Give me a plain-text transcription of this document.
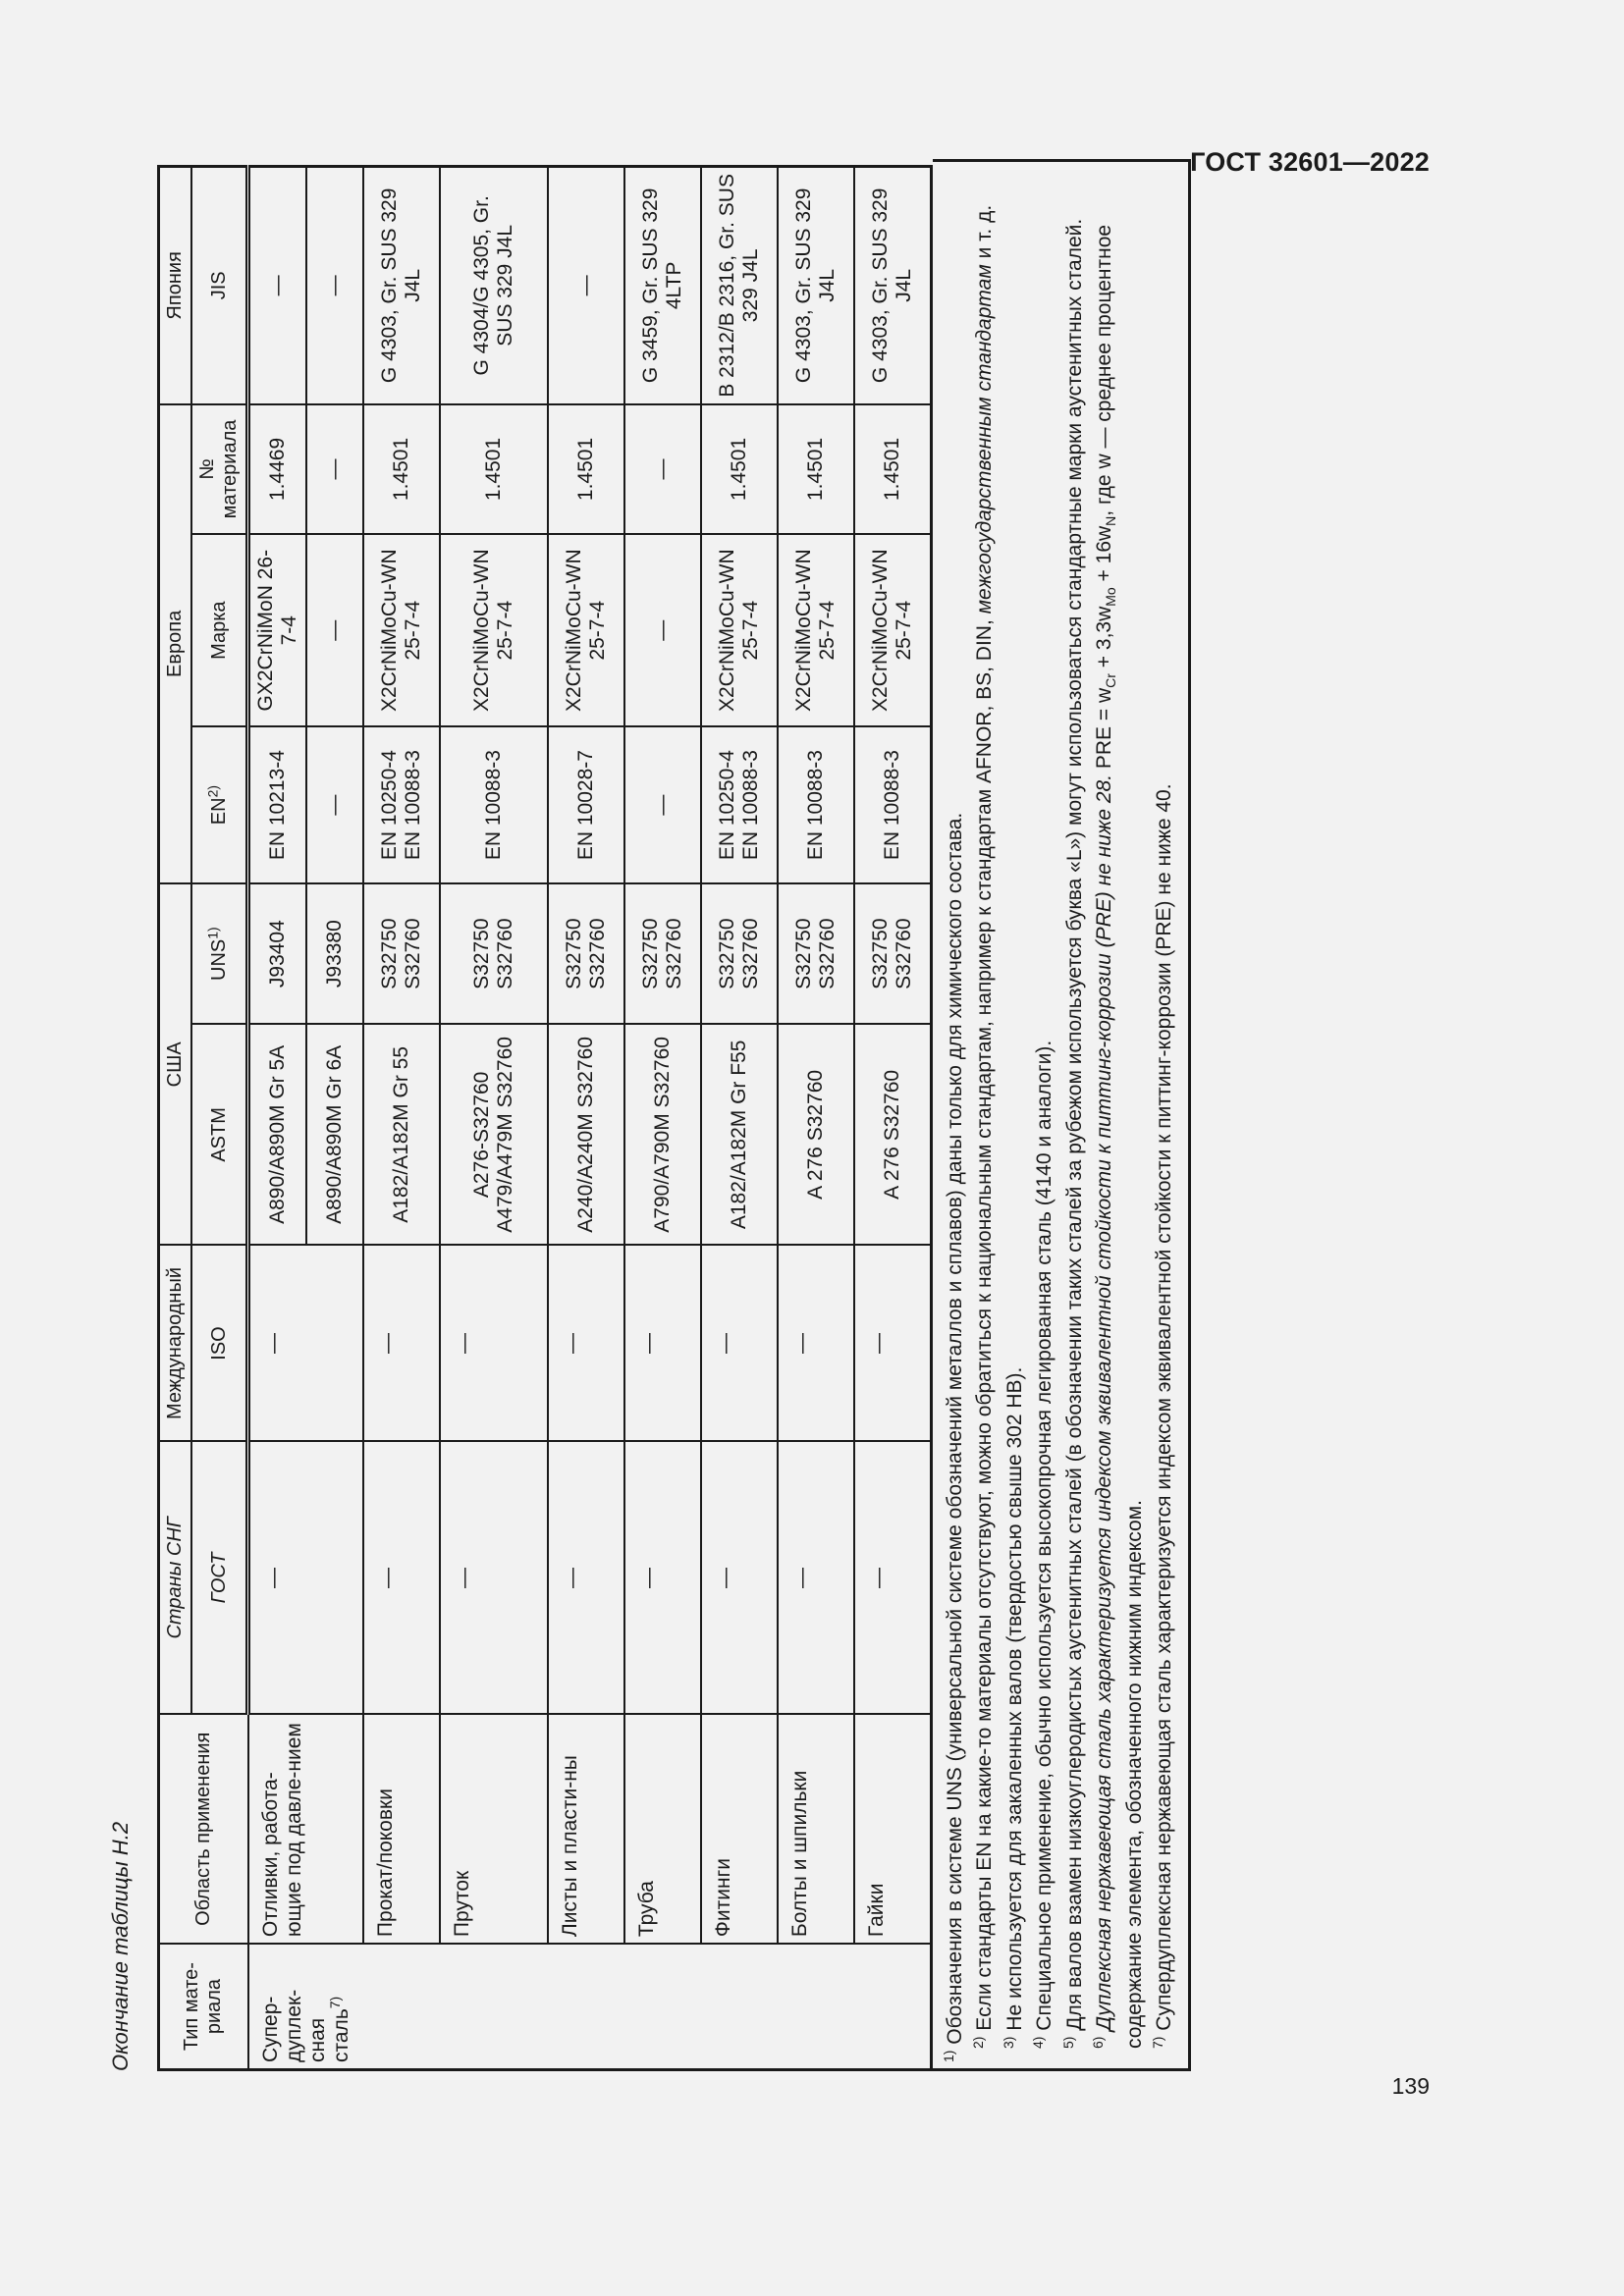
ГОСТ 32601—2022
Окончание таблицы Н.2	Тип мате-риала	Область применения	Страны СНГ	Международный	США		Европа			Япония
		ГОСТ	ISO	ASTM	UNS$^{1)}$	EN$^{2)}$	Марка	№ материала	JIS
Супер-дуплек-сная сталь$^{7)}$	Отливки, работа-ющие под давле-нием	—	—	A890/A890M Gr 5A	J93404	EN 10213-4	GX2CrNiMoN 26-7-4	1.4469	—
				A890/A890M Gr 6A	J93380	—	—	—	—
	Прокат/поковки	—	—	A182/A182M Gr 55	S32750 S32760	EN 10250-4 EN 10088-3	X2CrNiMoCu-WN 25-7-4	1.4501	G 4303, Gr. SUS 329 J4L
	Пруток	—	—	A276-S32760 A479/A479M S32760	S32750 S32760	EN 10088-3	X2CrNiMoCu-WN 25-7-4	1.4501	G 4304/G 4305, Gr. SUS 329 J4L
	Листы и пласти-ны	—	—	A240/A240M S32760	S32750 S32760	EN 10028-7	X2CrNiMoCu-WN 25-7-4	1.4501	—
	Труба	—	—	A790/A790M S32760	S32750 S32760	—	—	—	G 3459, Gr. SUS 329 4LTP
	Фитинги	—	—	A182/A182M Gr F55	S32750 S32760	EN 10250-4 EN 10088-3	X2CrNiMoCu-WN 25-7-4	1.4501	B 2312/B 2316, Gr. SUS 329 J4L
	Болты и шпильки	—	—	A 276 S32760	S32750 S32760	EN 10088-3	X2CrNiMoCu-WN 25-7-4	1.4501	G 4303, Gr. SUS 329 J4L
	Гайки	—	—	A 276 S32760	S32750 S32760	EN 10088-3	X2CrNiMoCu-WN 25-7-4	1.4501	G 4303, Gr. SUS 329 J4L

$^{1)}$ Обозначения в системе UNS (универсальной системе обозначений металлов и сплавов) даны только для химического состава. $^{2)}$ Если стандарты EN на какие-то материалы отсутствуют, можно обратиться к национальным стандартам, например к стандартам AFNOR, BS, DIN, межгосударственным стандартам и т. д.

$^{3)}$ Не используется для закаленных валов (твердостью свыше 302 НВ).

$^{4)}$ Специальное применение, обычно используется высокопрочная легированная сталь (4140 и аналоги).

$^{5)}$ Для валов взамен низкоуглеродистых аустенитных сталей (в обозначении таких сталей за рубежом используется буква «L») могут использоваться стандартные марки аустенитных сталей.

$^{6)}$ Дуплексная нержавеющая сталь характеризуется индексом эквивалентной стойкости к питтинг-коррозии (PRE) не ниже 28. PRE = $w_{Cr} + 3,3w_{Mo} + 16w_N$, где w — среднее процентное содержание элемента, обозначенного нижним индексом. $^{7)}$ Супердуплексная нержавеющая сталь характеризуется индексом эквивалентной стойкости к питтинг-коррозии (PRE) не ниже 40.

139
